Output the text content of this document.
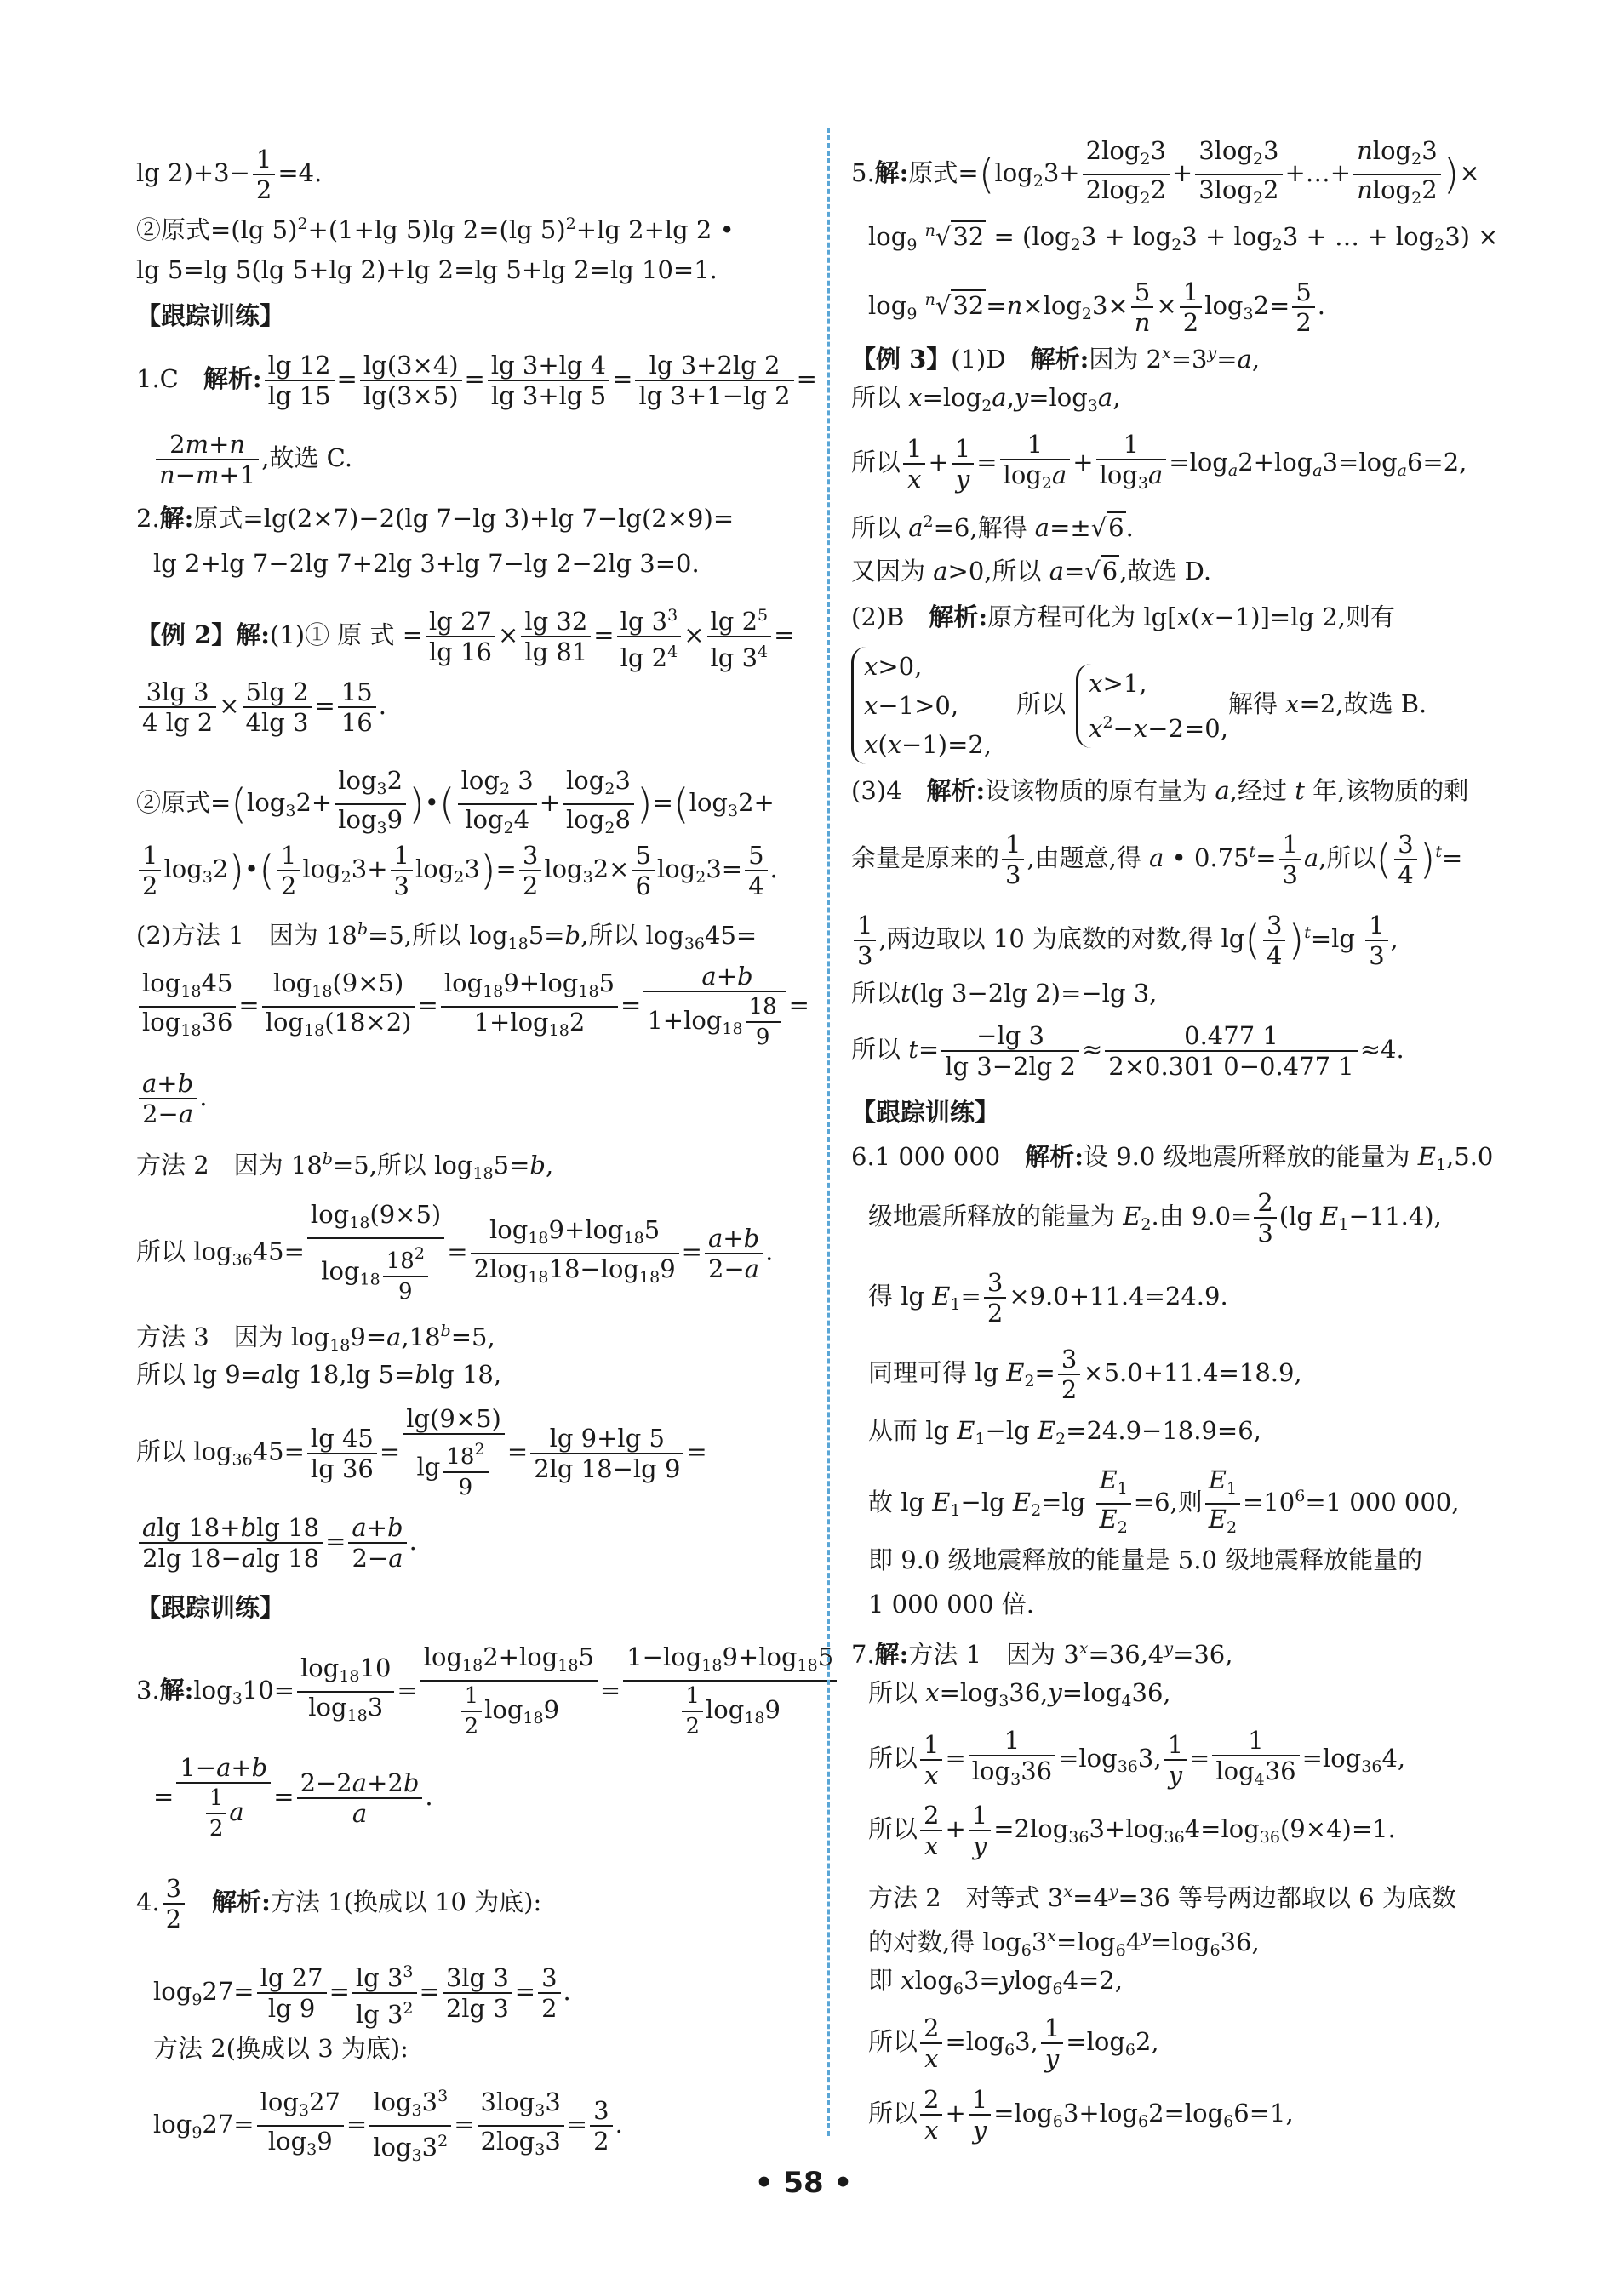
$\lg 2)+3- \frac{1}{2} =4$.
②原式=(lg 5)$^2$+(1+lg 5)lg 2=(lg 5)$^2$+lg 2+lg 2 •
lg 5=lg 5(lg 5+lg 2)+lg 2=lg 5+lg 2=lg 10=1.
【跟踪训练】
1.C　解析: $\frac{\lg 12}{\lg 15} = \frac{\lg(3\times 4)}{\lg(3\times 5)} = \frac{\lg 3+\lg 4}{\lg 3+\lg 5} = \frac{\lg 3+2\lg 2}{\lg 3+1-\lg 2}$ =
$\frac{2m+n}{n-m+1}$ ,故选 C.
2.解:原式=lg(2×7)−2(lg 7−lg 3)+lg 7−lg(2×9)=
lg 2+lg 7−2lg 7+2lg 3+lg 7−lg 2−2lg 3=0.
【例 2】解:(1)① 原 式 = $\frac{\lg 27}{\lg 16} \times \frac{\lg 32}{\lg 81} = \frac{\lg 3^3}{\lg 2^4} \times \frac{\lg 2^5}{\lg 3^4}$ =
$\frac{3\lg 3}{4 \lg 2} \times \frac{5\lg 2}{4\lg 3} = \frac{15}{16}$ .
②原式$=(\log_32+ \frac{\log_32}{\log_39}$ )•( $\frac{\log_2 3}{\log_24} + \frac{\log_23}{\log_28} )=(\log_32+$
$\frac{1}{2}$ $\log_32)•( \frac{1}{2} \log_23+ \frac{1}{3} \log_23)= \frac{3}{2} \log_32\times \frac{5}{6} \log_23= \frac{5}{4}$ .
(2)方法 1　因为 $18^b=5$,所以 $\log_{18}5=b$,所以 $\log_{36}45=$
$\frac{\log_{18}45}{\log_{18}36} = \frac{\log_{18}(9\times 5)}{\log_{18}(18\times 2)} = \frac{\log_{18}9+\log_{18}5}{1+\log_{18}2}$ =
　 $\frac{a+b}{1+\log_{18} \frac{18}{9}}$ =
$\frac{a+b}{2-a}$ .
方法 2　因为 $18^b=5$,所以 $\log_{18}5=b$,
所以 $\log_{36}45= \frac{\log_{18}(9\times 5)}{\log_{18} \frac{18^2}{9}} = \frac{\log_{18}9+\log_{18}5}{2\log_{18}18-\log_{18}9} = \frac{a+b}{2-a}$ .
方法 3　因为 $\log_{18}9=a,18^b=5$,
所以 lg 9=alg 18,lg 5=blg 18,
所以 $\log_{36}45= \frac{\lg 45}{\lg 36} = \frac{\lg(9\times 5)}{\lg \frac{18^2}{9}} = \frac{\lg 9+\lg 5}{2\lg 18-\lg 9}$ =
$\frac{alg 18+blg 18}{2\lg 18-alg 18} = \frac{a+b}{2-a}$ .
【跟踪训练】
3.解$:\log_310= \frac{\log_{18}10}{\log_{18}3} = \frac{\log_{18}2+\log_{18}5}{\frac{1}{2} \log_{18}9} = \frac{1-\log_{18}9+\log_{18}5}{\frac{1}{2} \log_{18}9}$
= $\frac{1-a+b}{\frac{1}{2} a} = \frac{2-2a+2b}{a}$ .
4. $\frac{3}{2}$
　 解析:方法 1(换成以 10 为底):
$\log_927= \frac{\lg 27}{\lg 9} = \frac{\lg 3^3}{\lg 3^2} = \frac{3\lg 3}{2\lg 3} = \frac{3}{2}$ .
方法 2(换成以 3 为底):
$\log_927= \frac{\log_327}{\log_39} = \frac{\log_33^3}{\log_33^2} = \frac{3\log_33}{2\log_33} = \frac{3}{2}$ .
5.解:原式$=(\log_23+ \frac{2\log_23}{2\log_22} + \frac{3\log_23}{3\log_22}$ +…+ $\frac{nlog_23}{nlog_22}$ )×
$\log_9 ^n√32 = (\log_23 + \log_23 + \log_23$ + … + $\log_23$) ×
$\log_9 ^n√32=n\times\log_23\times \frac{5}{n} \times \frac{1}{2} \log_32= \frac{5}{2}$ .
【例 3】(1)D　解析:因为 $2^x=3^y=a$,
所以 $x=\log_2a,y=\log_3a$,
所以 $\frac{1}{x} + \frac{1}{y} = \frac{1}{\log_2a} + \frac{1}{\log_3a} =\log_a2+\log_a3=\log_a6=2$,
所以 $a^2=6$,解得 a=±√6.
又因为 a>0,所以 a=√6,故选 D.
(2)B　解析:原方程可化为 lg[x(x−1)]=lg 2,则有
x>0,
x−1>0,
x(x−1)=2,
　所以
x>1,
$x^2-x-2=0$,
解得 x=2,故选 B.
(3)4　解析:设该物质的原有量为 a,经过 t 年,该物质的剩
余量是原来的 $\frac{1}{3}$ ,由题意,得 a • $0.75^t= \frac{1}{3} a$,所以( $\frac{3}{4} )^t=$
$\frac{1}{3}$ ,两边取以 10 为底数的对数,得 $\lg( \frac{3}{4} )^t=\lg \frac{1}{3}$ ,
所以t(lg 3−2lg 2)=−lg 3,
所以 $t= \frac{-\lg 3}{\lg 3-2\lg 2} \approx \frac{0.477 1}{2\times 0.301 0-0.477 1} \approx 4$.
【跟踪训练】
6.1 000 000　解析:设 9.0 级地震所释放的能量为 $E_1,5.0$
级地震所释放的能量为 $E_2$.由 $9.0= \frac{2}{3} (\lg$ $E_1-11.4$),
得 $\lg E_1= \frac{3}{2} \times 9.0+11.4=24.9$.
同理可得 $\lg E_2= \frac{3}{2} \times 5.0+11.4=18.9$,
从而 $\lg E_1-\lg$ $E_2=24.9-18.9=6$,
故 $\lg E_1-\lg$ $E_2=\lg \frac{E_1}{E_2} =6$,则 $\frac{E_1}{E_2} =10^6=1$ 000 000,
即 9.0 级地震释放的能量是 5.0 级地震释放能量的
1 000 000 倍.
7.解:方法 1　因为 $3^x=36,4^y=36$,
所以 $x=\log_336,y=\log_436$,
所以 $\frac{1}{x} = \frac{1}{\log_336} =\log_{36}3$, $\frac{1}{y} = \frac{1}{\log_436} =\log_{36}4$,
所以 $\frac{2}{x} + \frac{1}{y} =2\log_{36}3+\log_{36}4=\log_{36}(9\times 4)=1$.
方法 2　对等式 $3^x=4^y=36$ 等号两边都取以 6 为底数
的对数,得 $\log_63^x=\log_64^y=\log_636$,
即 xlog$_6$3=ylog$_6$4=2,
所以 $\frac{2}{x} =\log_63$, $\frac{1}{y} =\log_62$,
所以 $\frac{2}{x} + \frac{1}{y} =\log_63+\log_62=\log_66=1$,
• 58 •
